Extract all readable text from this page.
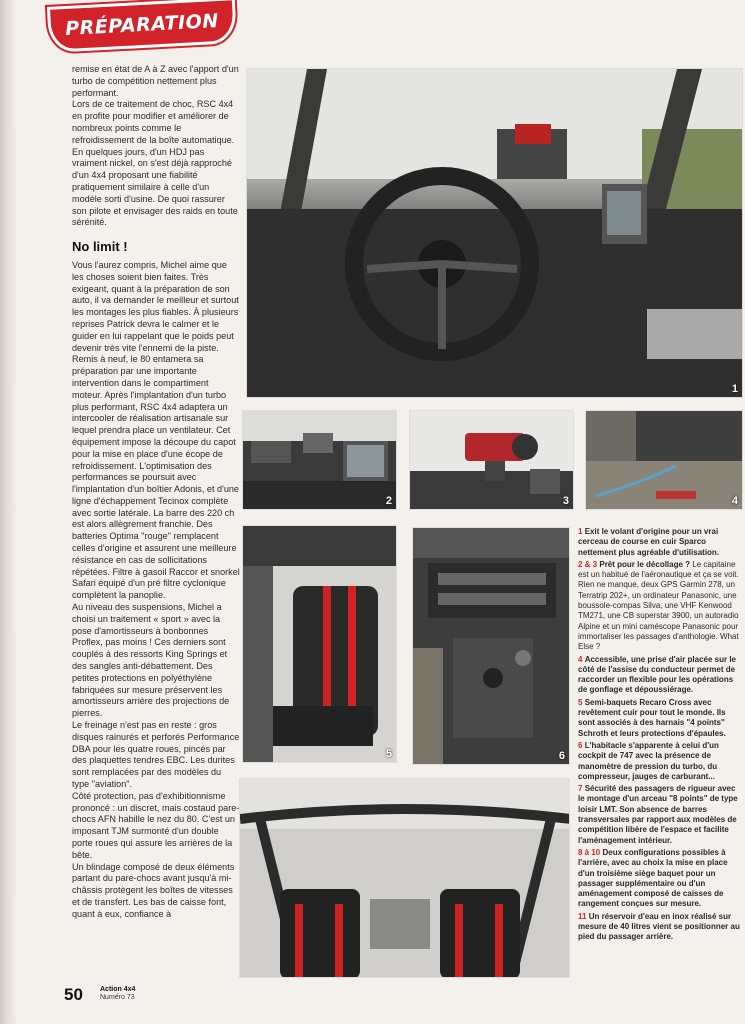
PRÉPARATION

remise en état de A à Z avec l'apport d'un turbo de compétition nettement plus performant.

Lors de ce traitement de choc, RSC 4x4 en profite pour modifier et améliorer de nombreux points comme le refroidissement de la boîte automatique. En quelques jours, d'un HDJ pas vraiment nickel, on s'est déjà rapproché d'un 4x4 proposant une fiabilité pratiquement similaire à celle d'un modèle sorti d'usine. De quoi rassurer son pilote et envisager des raids en toute sérénité.

No limit !

Vous l'aurez compris, Michel aime que les choses soient bien faites. Très exigeant, quant à la préparation de son auto, il va demander le meilleur et surtout les montages les plus fiables. À plusieurs reprises Patrick devra le calmer et le guider en lui rappelant que le poids peut devenir très vite l'ennemi de la piste.

Remis à neuf, le 80 entamera sa préparation par une importante intervention dans le compartiment moteur. Après l'implantation d'un turbo plus performant, RSC 4x4 adaptera un intercooler de réalisation artisanale sur lequel prendra place un ventilateur. Cet équipement impose la découpe du capot pour la mise en place d'une écope de refroidissement. L'optimisation des performances se poursuit avec l'implantation d'un boîtier Adonis, et d'une ligne d'échappement Tecinox complète avec sortie latérale. La barre des 220 ch est alors allègrement franchie. Des batteries Optima "rouge" remplacent celles d'origine et assurent une meilleure résistance en cas de sollicitations répétées. Filtre à gasoil Raccor et snorkel Safari équipé d'un pré filtre cyclonique complètent la panoplie.

Au niveau des suspensions, Michel a choisi un traitement « sport » avec la pose d'amortisseurs à bonbonnes Proflex, pas moins ! Ces derniers sont couplés à des ressorts King Springs et des sangles anti-débattement. Des petites protections en polyéthylène fabriquées sur mesure préservent les amortisseurs arrière des projections de pierres.

Le freinage n'est pas en reste : gros disques rainurés et perforés Performance DBA pour les quatre roues, pincés par des plaquettes tendres EBC. Les durites sont remplacées par des modèles du type "aviation".

Côté protection, pas d'exhibitionnisme prononcé : un discret, mais costaud pare-chocs AFN habille le nez du 80. C'est un imposant TJM surmonté d'un double porte roues qui assure les arrières de la bête.

Un blindage composé de deux éléments partant du pare-chocs avant jusqu'à mi-châssis protègent les boîtes de vitesses et de transfert. Les bas de caisse font, quant à eux, confiance à

1
2	3	4
5	6

1 Exit le volant d'origine pour un vrai cerceau de course en cuir Sparco nettement plus agréable d'utilisation.

2 & 3 Prêt pour le décollage ? Le capitaine est un habitué de l'aéronautique et ça se voit. Rien ne manque, deux GPS Garmin 278, un Terratrip 202+, un ordinateur Panasonic, une boussole-compas Silva, une VHF Kenwood TM271, une CB superstar 3900, un autoradio Alpine et un mini caméscope Panasonic pour immortaliser les passages d'anthologie. What Else ?

4 Accessible, une prise d'air placée sur le côté de l'assise du conducteur permet de raccorder un flexible pour les opérations de gonflage et dépoussiérage.

5 Semi-baquets Recaro Cross avec revêtement cuir pour tout le monde. Ils sont associés à des harnais "4 points" Schroth et leurs protections d'épaules.

6 L'habitacle s'apparente à celui d'un cockpit de 747 avec la présence de manomètre de pression du turbo, du compresseur, jauges de carburant...

7 Sécurité des passagers de rigueur avec le montage d'un arceau "8 points" de type loisir LMT. Son absence de barres transversales par rapport aux modèles de compétition libère de l'espace et facilite l'aménagement intérieur.

8 à 10 Deux configurations possibles à l'arrière, avec au choix la mise en place d'un troisième siège baquet pour un passager supplémentaire ou d'un aménagement composé de caisses de rangement conçues sur mesure.

11 Un réservoir d'eau en inox réalisé sur mesure de 40 litres vient se positionner au pied du passager arrière.

50 Action 4x4
Numéro 73
